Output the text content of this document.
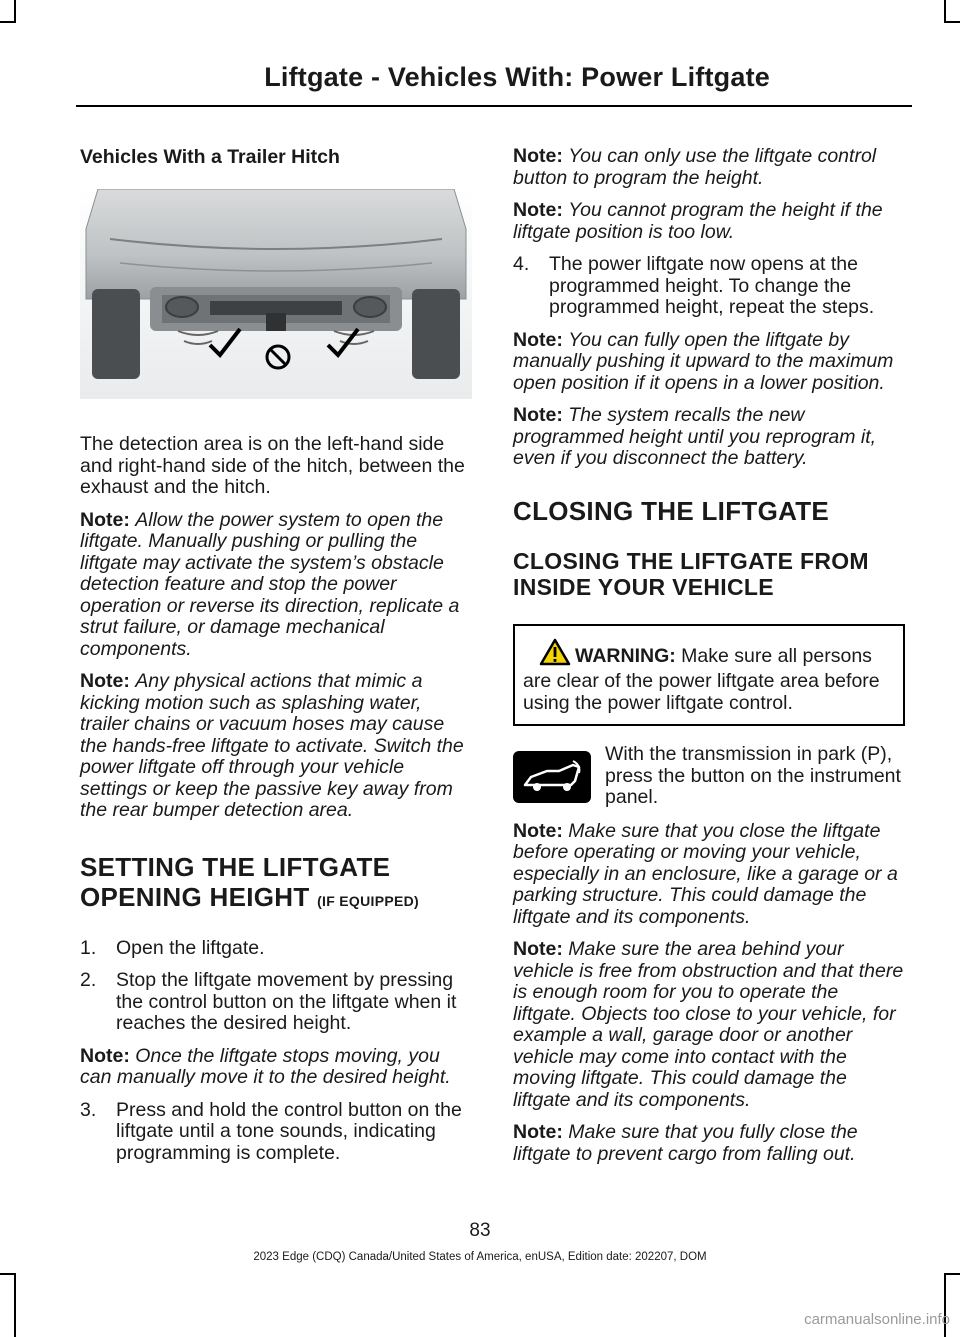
Liftgate - Vehicles With: Power Liftgate
Vehicles With a Trailer Hitch

The detection area is on the left-hand side and right-hand side of the hitch, between the exhaust and the hitch.

Note: Allow the power system to open the liftgate. Manually pushing or pulling the liftgate may activate the system’s obstacle detection feature and stop the power operation or reverse its direction, replicate a strut failure, or damage mechanical components.

Note: Any physical actions that mimic a kicking motion such as splashing water, trailer chains or vacuum hoses may cause the hands-free liftgate to activate. Switch the power liftgate off through your vehicle settings or keep the passive key away from the rear bumper detection area.

SETTING THE LIFTGATE OPENING HEIGHT (IF EQUIPPED)
1.	Open the liftgate.
2.	Stop the liftgate movement by pressing the control button on the liftgate when it reaches the desired height.

Note: Once the liftgate stops moving, you can manually move it to the desired height.

3.	Press and hold the control button on the liftgate until a tone sounds, indicating programming is complete.

Note: You can only use the liftgate control button to program the height.

Note: You cannot program the height if the liftgate position is too low.

4.	The power liftgate now opens at the programmed height. To change the programmed height, repeat the steps.

Note: You can fully open the liftgate by manually pushing it upward to the maximum open position if it opens in a lower position.

Note: The system recalls the new programmed height until you reprogram it, even if you disconnect the battery.

CLOSING THE LIFTGATE
CLOSING THE LIFTGATE FROM INSIDE YOUR VEHICLE
WARNING: Make sure all persons are clear of the power liftgate area before using the power liftgate control.
With the transmission in park (P), press the button on the instrument panel.

Note: Make sure that you close the liftgate before operating or moving your vehicle, especially in an enclosure, like a garage or a parking structure. This could damage the liftgate and its components.

Note: Make sure the area behind your vehicle is free from obstruction and that there is enough room for you to operate the liftgate. Objects too close to your vehicle, for example a wall, garage door or another vehicle may come into contact with the moving liftgate. This could damage the liftgate and its components.

Note: Make sure that you fully close the liftgate to prevent cargo from falling out.

83
2023 Edge (CDQ) Canada/United States of America, enUSA, Edition date: 202207, DOM
carmanualsonline.info
